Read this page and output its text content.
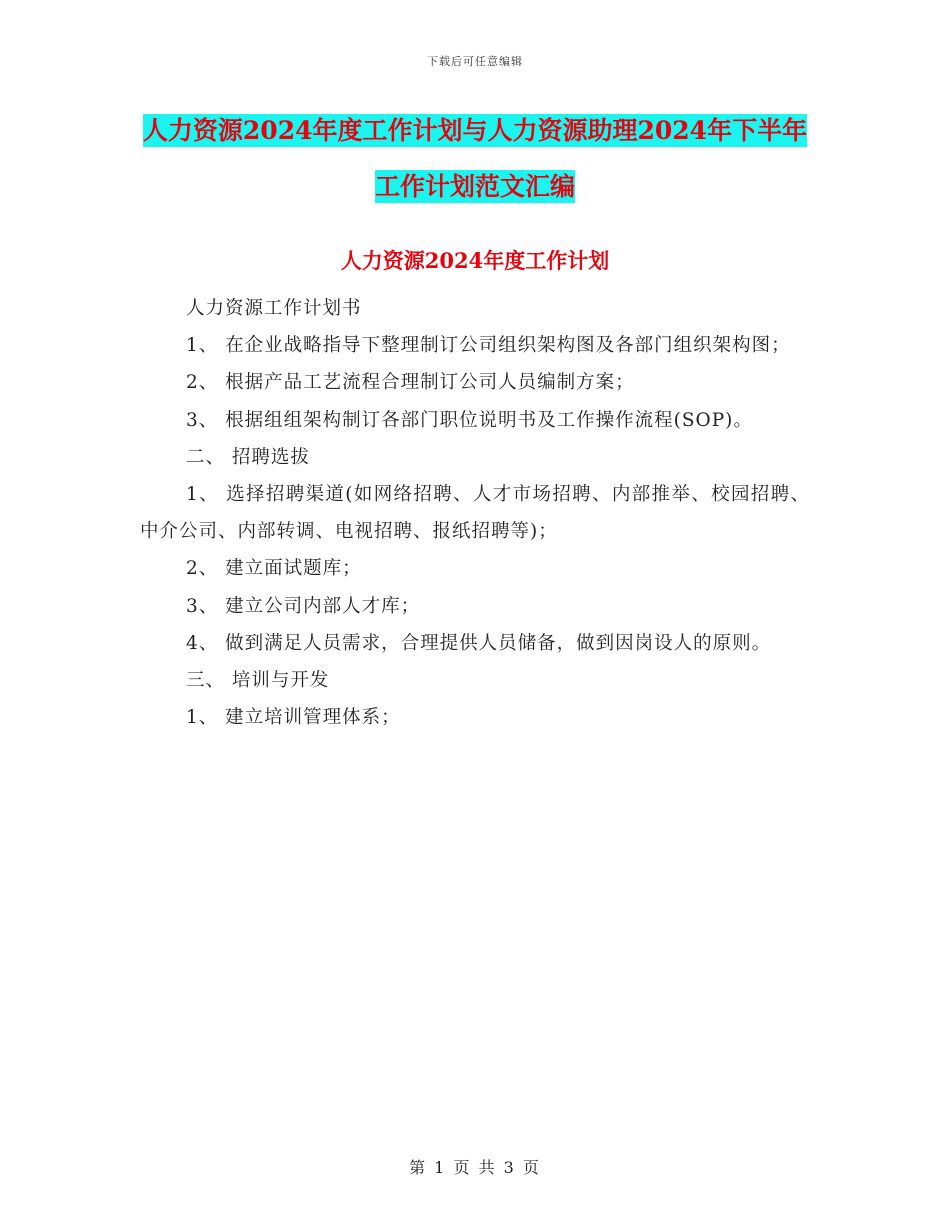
下载后可任意编辑
人力资源2024年度工作计划与人力资源助理2024年下半年工作计划范文汇编
人力资源2024年度工作计划

人力资源工作计划书

1、 在企业战略指导下整理制订公司组织架构图及各部门组织架构图；

2、 根据产品工艺流程合理制订公司人员编制方案；

3、 根据组组架构制订各部门职位说明书及工作操作流程(SOP)。

二、 招聘选拔

1、 选择招聘渠道(如网络招聘、人才市场招聘、内部推举、校园招聘、中介公司、内部转调、电视招聘、报纸招聘等)；

2、 建立面试题库；

3、 建立公司内部人才库；

4、 做到满足人员需求，合理提供人员储备，做到因岗设人的原则。

三、 培训与开发

1、 建立培训管理体系；

第 1 页 共 3 页
